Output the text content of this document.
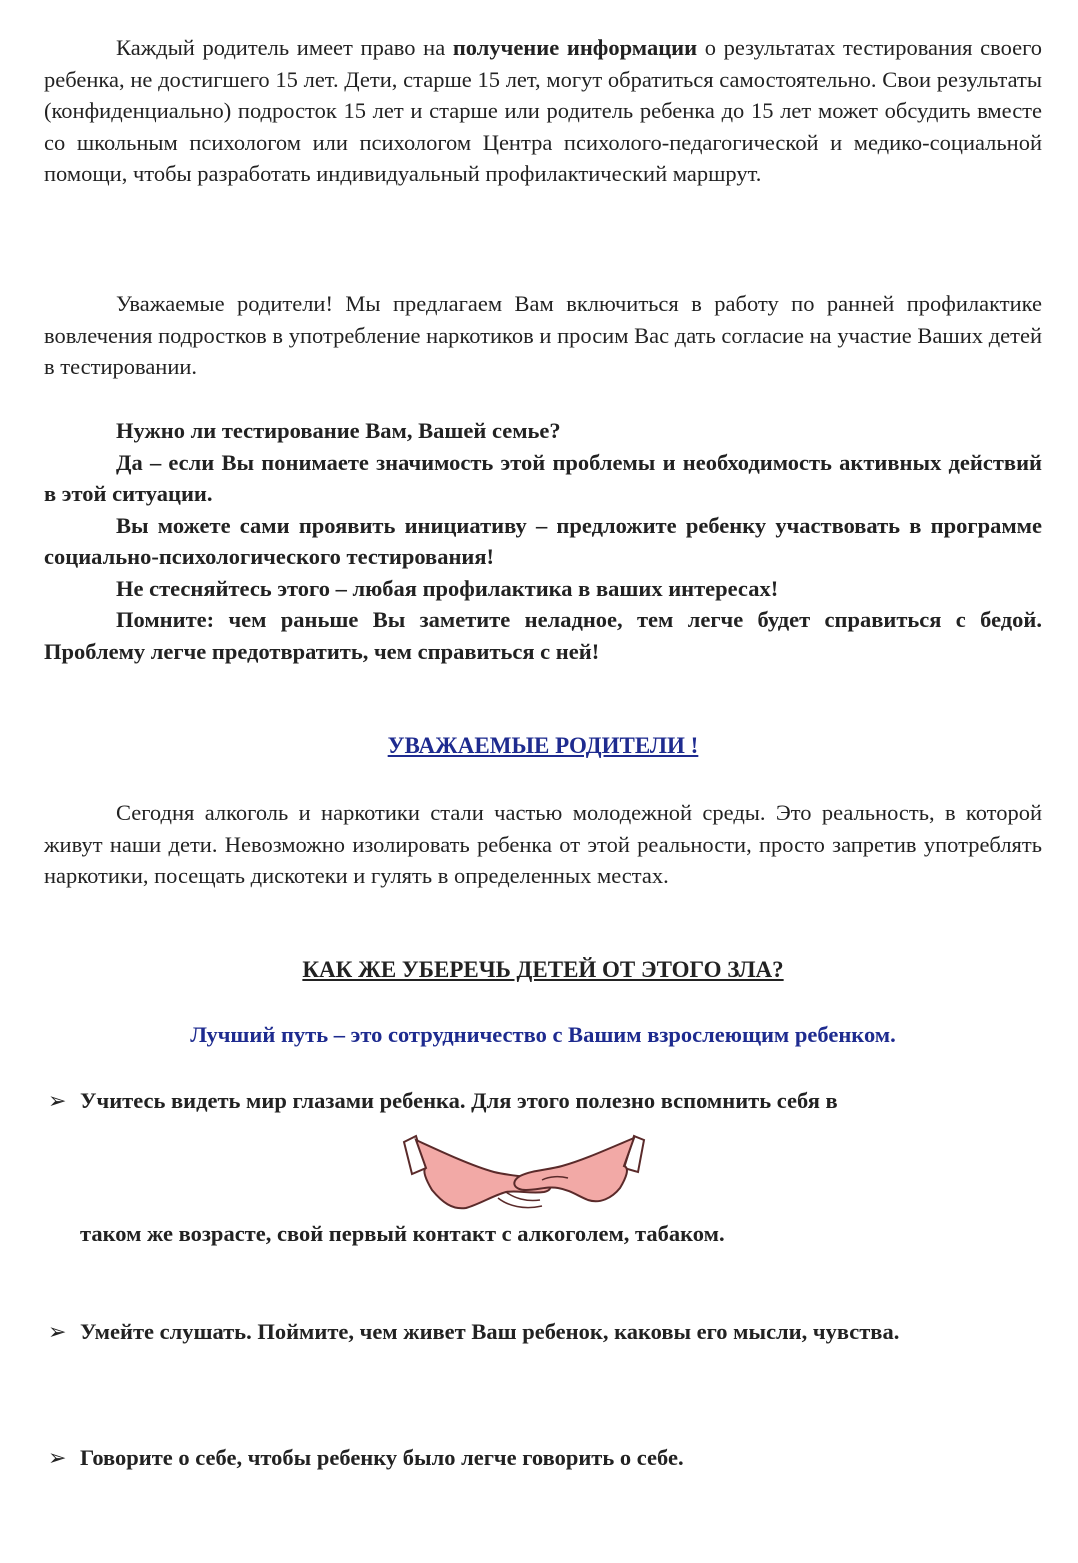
Каждый родитель имеет право на получение информации о результатах тестирования своего ребенка, не достигшего 15 лет. Дети, старше 15 лет, могут обратиться самостоятельно. Свои результаты (конфиденциально) подросток 15 лет и старше или родитель ребенка до 15 лет может обсудить вместе со школьным психологом или психологом Центра психолого-педагогической и медико-социальной помощи, чтобы разработать индивидуальный профилактический маршрут.

Уважаемые родители! Мы предлагаем Вам включиться в работу по ранней профилактике вовлечения подростков в употребление наркотиков и просим Вас дать согласие на участие Ваших детей в тестировании.

Нужно ли тестирование Вам, Вашей семье?

Да – если Вы понимаете значимость этой проблемы и необходимость активных действий в этой ситуации.

Вы можете сами проявить инициативу – предложите ребенку участвовать в программе социально-психологического тестирования!

Не стесняйтесь этого – любая профилактика в ваших интересах!

Помните: чем раньше Вы заметите неладное, тем легче будет справиться с бедой. Проблему легче предотвратить, чем справиться с ней!

УВАЖАЕМЫЕ РОДИТЕЛИ !

Сегодня алкоголь и наркотики стали частью молодежной среды. Это реальность, в которой живут наши дети. Невозможно изолировать ребенка от этой реальности, просто запретив употреблять наркотики, посещать дискотеки и гулять в определенных местах.

КАК ЖЕ УБЕРЕЧЬ ДЕТЕЙ ОТ ЭТОГО ЗЛА?

Лучший путь – это сотрудничество с Вашим взрослеющим ребенком.

➢ Учитесь видеть мир глазами ребенка. Для этого полезно вспомнить себя в
таком же возрасте, свой первый контакт с алкоголем, табаком.
➢ Умейте слушать. Поймите, чем живет Ваш ребенок, каковы его мысли, чувства.
➢ Говорите о себе, чтобы ребенку было легче говорить о себе.
